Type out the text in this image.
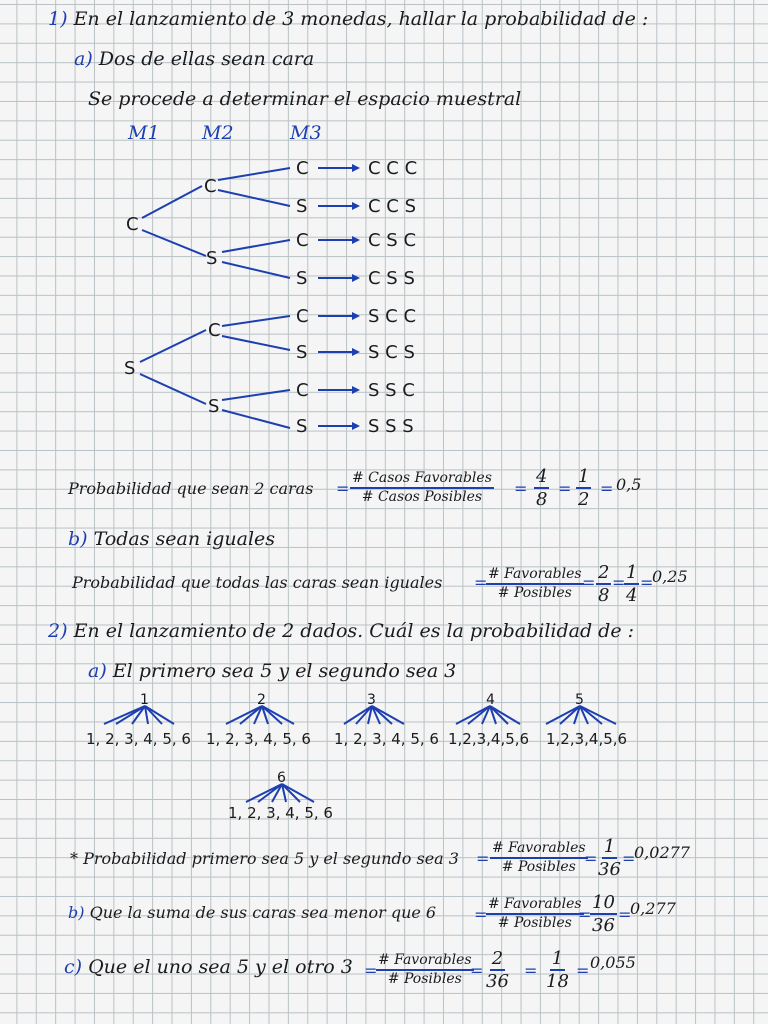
1) En el lanzamiento de 3 monedas, hallar la probabilidad de :
a) Dos de ellas sean cara
Se procede a determinar el espacio muestral
M1 M2	M3
C
S
C
S
C
S
C
S
C
S
C
S
C
S
C C C
C C S
C S C
C S S
S C C
S C S
S S C
S S S
Probabilidad que sean 2 caras =
# Casos Favorables
# Casos Posibles = $\frac{4}{8} = \frac{1}{2} = 0,5$
b) Todas sean iguales
Probabilidad que todas las caras sean iguales = # Favorables
# Posibles
= $\frac{2}{8}$ =
$\frac{1}{4}$ =
0,25
2) En el lanzamiento de 2 dados. Cuál es la probabilidad de :
a) El primero sea 5 y el segundo sea 3
1
1, 2, 3, 4, 5, 6
2
1, 2, 3, 4, 5, 6
3
1, 2, 3, 4, 5, 6
4
1,2,3,4,5,6
5
1,2,3,4,5,6
6
1, 2, 3, 4, 5, 6
* Probabilidad primero sea 5 y el segundo sea 3 =
# Favorables
# Posibles =
$\frac{1}{36}$ =
0,0277
b) Que la suma de sus caras sea menor que 6 =
# Favorables
# Posibles =
$\frac{10}{36}$ =
0,277
c) Que el uno sea 5 y el otro 3 =
# Favorables
# Posibles = $\frac{2}{36} = \frac{1}{18} = 0,055$
